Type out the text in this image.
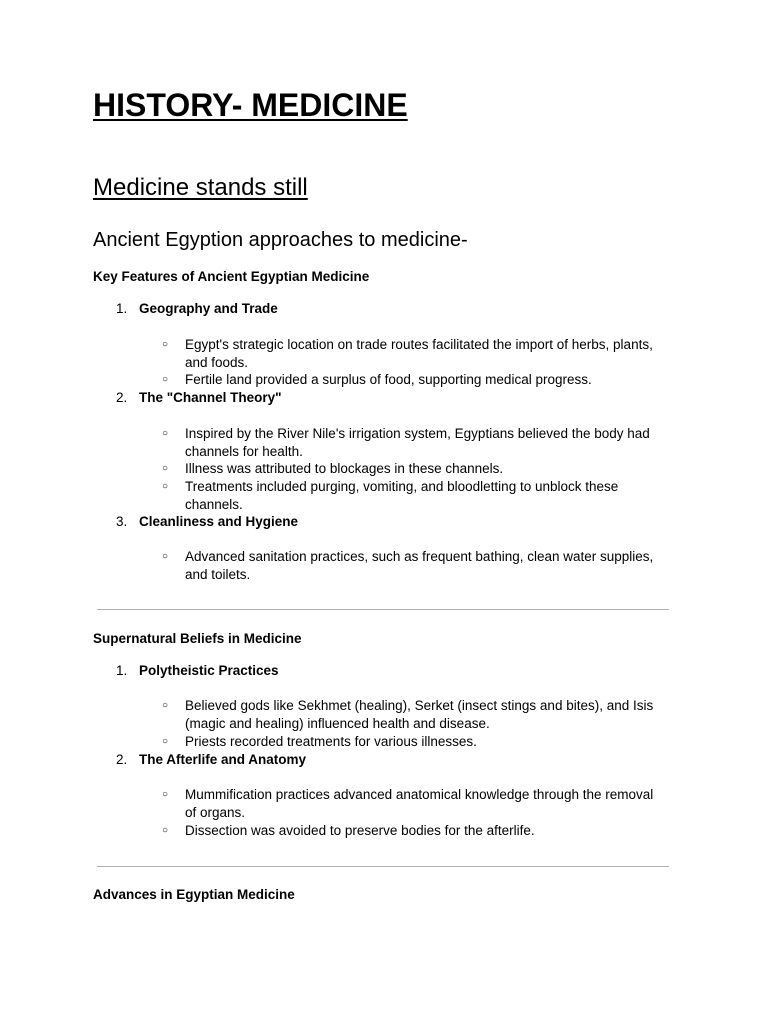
HISTORY- MEDICINE
Medicine stands still
Ancient Egyption approaches to medicine-
Key Features of Ancient Egyptian Medicine
1. Geography and Trade
○ Egypt's strategic location on trade routes facilitated the import of herbs, plants, and foods.
○ Fertile land provided a surplus of food, supporting medical progress.
2. The "Channel Theory"
○ Inspired by the River Nile's irrigation system, Egyptians believed the body had channels for health.
○ Illness was attributed to blockages in these channels.
○ Treatments included purging, vomiting, and bloodletting to unblock these channels.
3. Cleanliness and Hygiene
○ Advanced sanitation practices, such as frequent bathing, clean water supplies, and toilets.
Supernatural Beliefs in Medicine
1. Polytheistic Practices
○ Believed gods like Sekhmet (healing), Serket (insect stings and bites), and Isis (magic and healing) influenced health and disease.
○ Priests recorded treatments for various illnesses.
2. The Afterlife and Anatomy
○ Mummification practices advanced anatomical knowledge through the removal of organs.
○ Dissection was avoided to preserve bodies for the afterlife.
Advances in Egyptian Medicine
